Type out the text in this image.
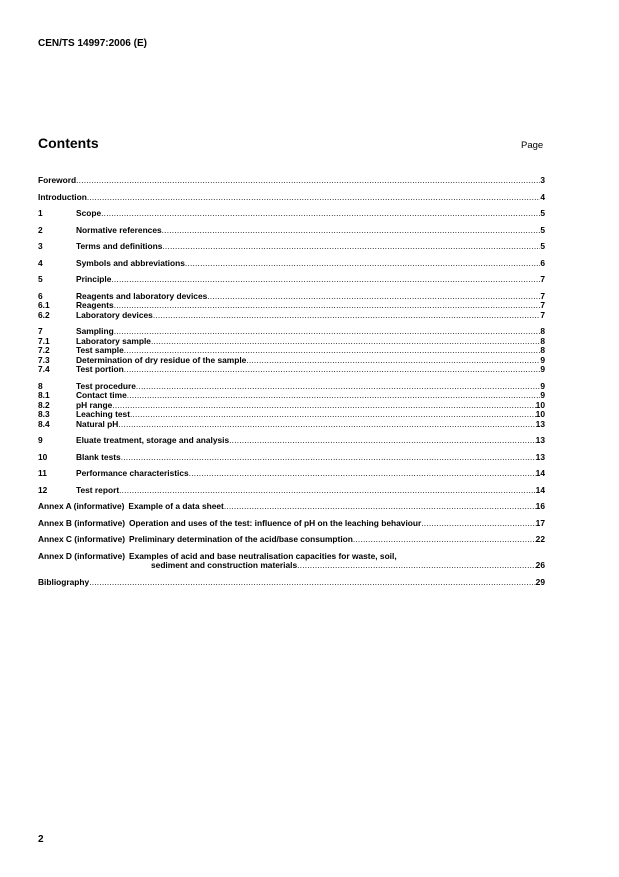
CEN/TS 14997:2006 (E)
Contents	Page
Foreword .....	3
Introduction .....	4
1	Scope .....	5
2	Normative references .....	5
3	Terms and definitions .....	5
4	Symbols and abbreviations .....	6
5	Principle .....	7
6	Reagents and laboratory devices .....	7
6.1	Reagents .....	7
6.2	Laboratory devices .....	7
7	Sampling .....	8
7.1	Laboratory sample .....	8
7.2	Test sample .....	8
7.3	Determination of dry residue of the sample .....	9
7.4	Test portion .....	9
8	Test procedure .....	9
8.1	Contact time .....	9
8.2	pH range .....	10
8.3	Leaching test .....	10
8.4	Natural pH .....	13
9	Eluate treatment, storage and analysis .....	13
10	Blank tests .....	13
11	Performance characteristics .....	14
12	Test report .....	14
Annex A (informative) Example of a data sheet .....	16
Annex B (informative) Operation and uses of the test: influence of pH on the leaching behaviour .....	17
Annex C (informative) Preliminary determination of the acid/base consumption .....	22
Annex D (informative) Examples of acid and base neutralisation capacities for waste, soil,
sediment and construction materials .....	26
Bibliography .....	29
2
